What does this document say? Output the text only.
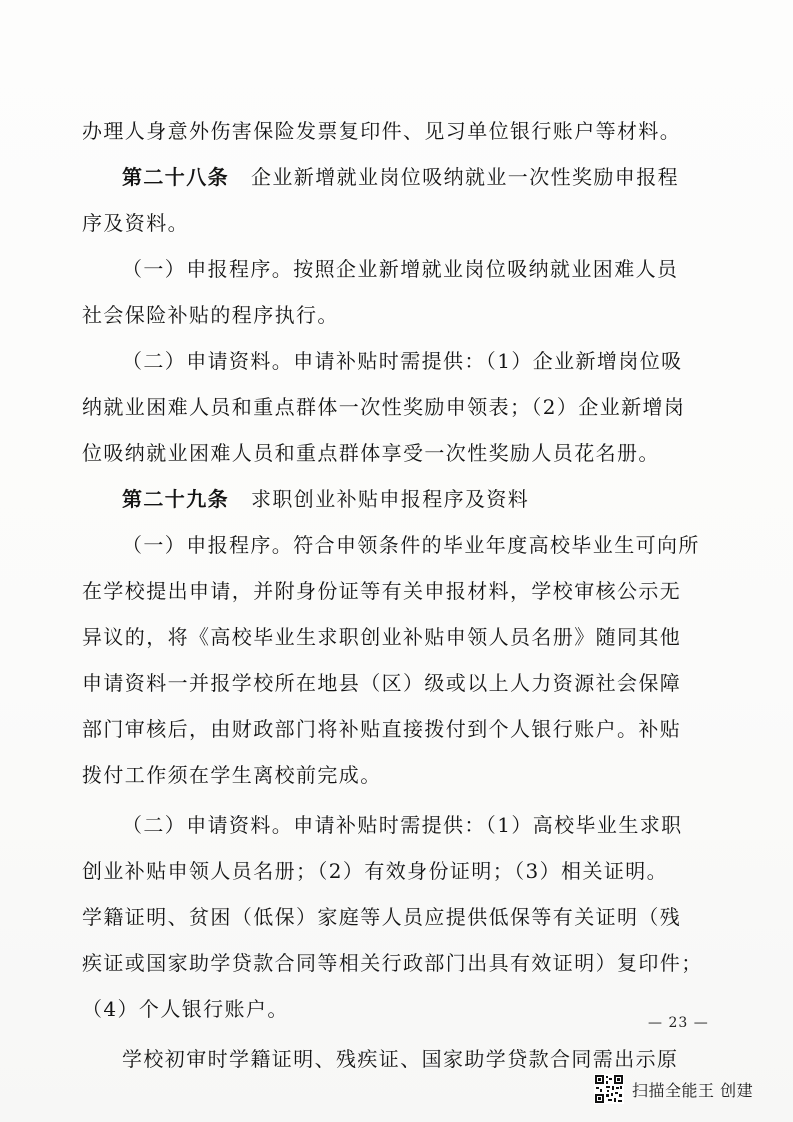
办理人身意外伤害保险发票复印件、见习单位银行账户等材料。
第二十八条 企业新增就业岗位吸纳就业一次性奖励申报程
序及资料。
（一）申报程序。按照企业新增就业岗位吸纳就业困难人员
社会保险补贴的程序执行。
（二）申请资料。申请补贴时需提供：（1）企业新增岗位吸
纳就业困难人员和重点群体一次性奖励申领表；（2）企业新增岗
位吸纳就业困难人员和重点群体享受一次性奖励人员花名册。
第二十九条 求职创业补贴申报程序及资料
（一）申报程序。符合申领条件的毕业年度高校毕业生可向所
在学校提出申请，并附身份证等有关申报材料，学校审核公示无
异议的，将《高校毕业生求职创业补贴申领人员名册》随同其他
申请资料一并报学校所在地县（区）级或以上人力资源社会保障
部门审核后，由财政部门将补贴直接拨付到个人银行账户。补贴
拨付工作须在学生离校前完成。
（二）申请资料。申请补贴时需提供：（1）高校毕业生求职
创业补贴申领人员名册；（2）有效身份证明；（3）相关证明。
学籍证明、贫困（低保）家庭等人员应提供低保等有关证明（残
疾证或国家助学贷款合同等相关行政部门出具有效证明）复印件；
（4）个人银行账户。
学校初审时学籍证明、残疾证、国家助学贷款合同需出示原
— 23 —
扫描全能王 创建
